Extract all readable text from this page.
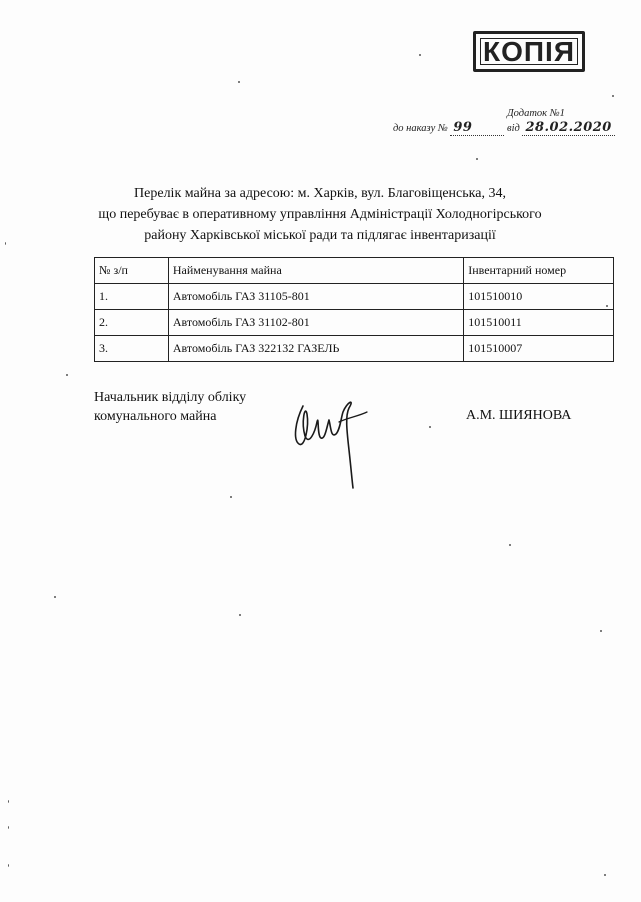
КОПІЯ
Додаток №1
до наказу № 99	від 28.02.2020
Перелік майна за адресою: м. Харків, вул. Благовіщенська, 34,
що перебуває в оперативному управління Адміністрації Холодногірського
району Харківської міської ради та підлягає інвентаризації
№ з/п	Найменування майна	Інвентарний номер
1.	Автомобіль ГАЗ 31105-801	101510010
2.	Автомобіль ГАЗ 31102-801	101510011
3.	Автомобіль ГАЗ 322132 ГАЗЕЛЬ	101510007
Начальник відділу обліку
комунального майна	А.М. ШИЯНОВА
